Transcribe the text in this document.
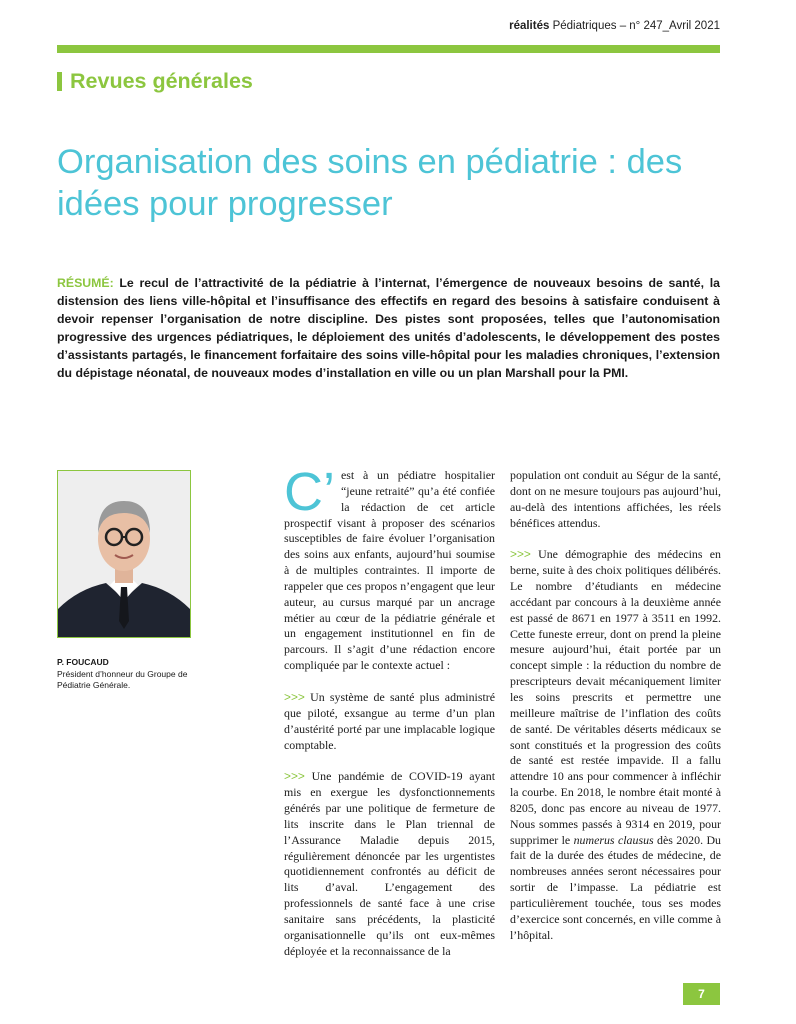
réalités Pédiatriques – n° 247_Avril 2021
Revues générales
Organisation des soins en pédiatrie : des idées pour progresser
RÉSUMÉ: Le recul de l’attractivité de la pédiatrie à l’internat, l’émergence de nouveaux besoins de santé, la distension des liens ville-hôpital et l’insuffisance des effectifs en regard des besoins à satisfaire conduisent à devoir repenser l’organisation de notre discipline. Des pistes sont proposées, telles que l’autonomisation progressive des urgences pédiatriques, le déploiement des unités d’adolescents, le développement des postes d’assistants partagés, le financement forfaitaire des soins ville-hôpital pour les maladies chroniques, l’extension du dépistage néonatal, de nouveaux modes d’installation en ville ou un plan Marshall pour la PMI.
P. FOUCAUD
Président d’honneur du Groupe de Pédiatrie Générale.

C’ est à un pédiatre hospitalier “jeune retraité” qu’a été confiée la rédaction de cet article prospectif visant à proposer des scénarios susceptibles de faire évoluer l’organisation des soins aux enfants, aujourd’hui soumise à de multiples contraintes. Il importe de rappeler que ces propos n’engagent que leur auteur, au cursus marqué par un ancrage métier au cœur de la pédiatrie générale et un engagement institutionnel en fin de parcours. Il s’agit d’une rédaction encore compliquée par le contexte actuel :

>>> Un système de santé plus administré que piloté, exsangue au terme d’un plan d’austérité porté par une implacable logique comptable.

>>> Une pandémie de COVID-19 ayant mis en exergue les dysfonctionnements générés par une politique de fermeture de lits inscrite dans le Plan triennal de l’Assurance Maladie depuis 2015, régulièrement dénoncée par les urgentistes quotidiennement confrontés au déficit de lits d’aval. L’engagement des professionnels de santé face à une crise sanitaire sans précédents, la plasticité organisationnelle qu’ils ont eux-mêmes déployée et la reconnaissance de la

population ont conduit au Ségur de la santé, dont on ne mesure toujours pas aujourd’hui, au-delà des intentions affichées, les réels bénéfices attendus.

>>> Une démographie des médecins en berne, suite à des choix politiques délibérés. Le nombre d’étudiants en médecine accédant par concours à la deuxième année est passé de 8671 en 1977 à 3511 en 1992. Cette funeste erreur, dont on prend la pleine mesure aujourd’hui, était portée par un concept simple : la réduction du nombre de prescripteurs devait mécaniquement limiter les soins prescrits et permettre une meilleure maîtrise de l’inflation des coûts de santé. De véritables déserts médicaux se sont constitués et la progression des coûts de santé est restée impavide. Il a fallu attendre 10 ans pour commencer à infléchir la courbe. En 2018, le nombre était monté à 8205, donc pas encore au niveau de 1977. Nous sommes passés à 9314 en 2019, pour supprimer le numerus clausus dès 2020. Du fait de la durée des études de médecine, de nombreuses années seront nécessaires pour sortir de l’impasse. La pédiatrie est particulièrement touchée, tous ses modes d’exercice sont concernés, en ville comme à l’hôpital.

7
